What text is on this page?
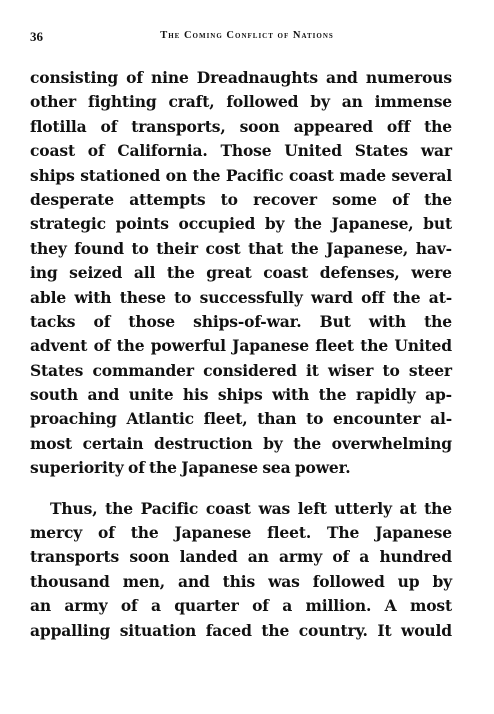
36	The Coming Conflict of Nations
consisting of nine Dreadnaughts and numerous
other fighting craft, followed by an immense
flotilla of transports, soon appeared off the
coast of California. Those United States war
ships stationed on the Pacific coast made several
desperate attempts to recover some of the
strategic points occupied by the Japanese, but
they found to their cost that the Japanese, hav-
ing seized all the great coast defenses, were
able with these to successfully ward off the at-
tacks of those ships-of-war. But with the
advent of the powerful Japanese fleet the United
States commander considered it wiser to steer
south and unite his ships with the rapidly ap-
proaching Atlantic fleet, than to encounter al-
most certain destruction by the overwhelming
superiority of the Japanese sea power.
Thus, the Pacific coast was left utterly at the
mercy of the Japanese fleet. The Japanese
transports soon landed an army of a hundred
thousand men, and this was followed up by
an army of a quarter of a million. A most
appalling situation faced the country. It would
